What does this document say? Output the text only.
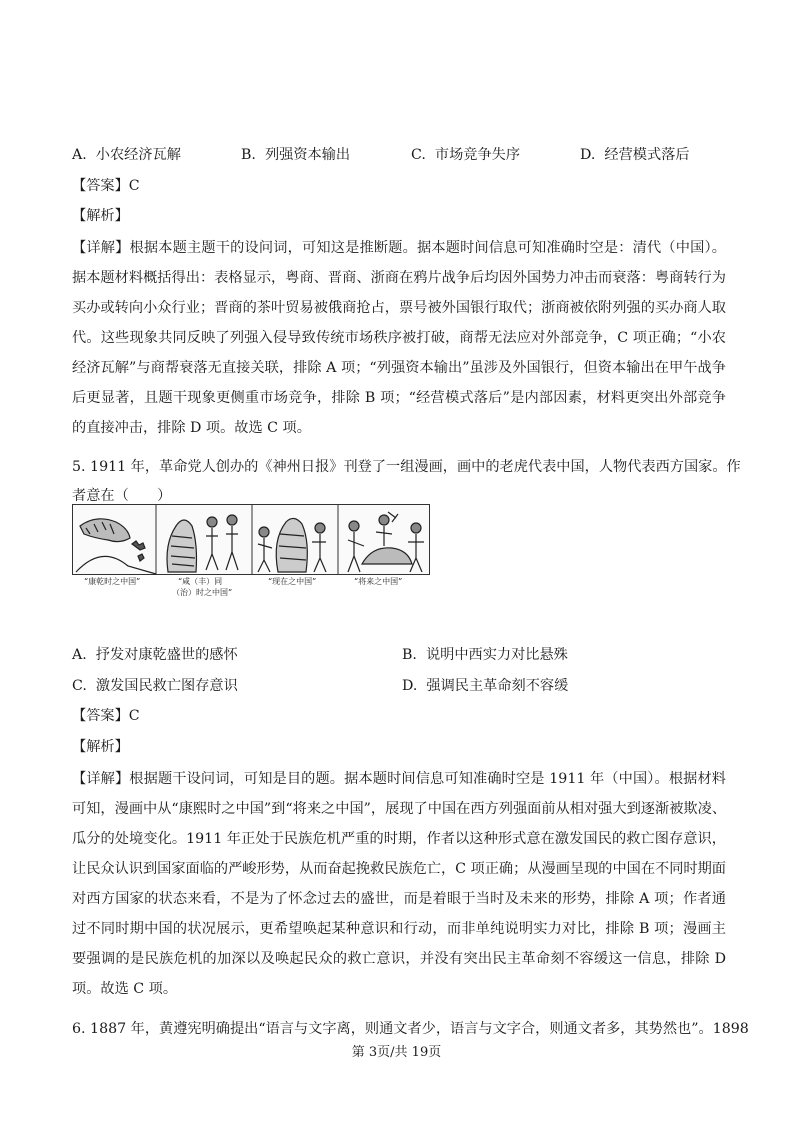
A. 小农经济瓦解	B. 列强资本输出	C. 市场竞争失序	D. 经营模式落后
【答案】C
【解析】
【详解】根据本题主题干的设问词，可知这是推断题。据本题时间信息可知准确时空是：清代（中国）。据本题材料概括得出：表格显示，粤商、晋商、浙商在鸦片战争后均因外国势力冲击而衰落：粤商转行为买办或转向小众行业；晋商的茶叶贸易被俄商抢占，票号被外国银行取代；浙商被依附列强的买办商人取代。这些现象共同反映了列强入侵导致传统市场秩序被打破，商帮无法应对外部竞争，C 项正确；“小农经济瓦解”与商帮衰落无直接关联，排除 A 项；“列强资本输出”虽涉及外国银行，但资本输出在甲午战争后更显著，且题干现象更侧重市场竞争，排除 B 项；“经营模式落后”是内部因素，材料更突出外部竞争的直接冲击，排除 D 项。故选 C 项。
5. 1911 年，革命党人创办的《神州日报》刊登了一组漫画，画中的老虎代表中国，人物代表西方国家。作
者意在（　　）
“康乾时之中国”	“咸（丰）同
（治）时之中国”
“现在之中国”	“将来之中国”
A. 抒发对康乾盛世的感怀	B. 说明中西实力对比悬殊
C. 激发国民救亡图存意识	D. 强调民主革命刻不容缓
【答案】C
【解析】
【详解】根据题干设问词，可知是目的题。据本题时间信息可知准确时空是 1911 年（中国）。根据材料可知，漫画中从“康熙时之中国”到“将来之中国”，展现了中国在西方列强面前从相对强大到逐渐被欺凌、瓜分的处境变化。1911 年正处于民族危机严重的时期，作者以这种形式意在激发国民的救亡图存意识，让民众认识到国家面临的严峻形势，从而奋起挽救民族危亡，C 项正确；从漫画呈现的中国在不同时期面对西方国家的状态来看，不是为了怀念过去的盛世，而是着眼于当时及未来的形势，排除 A 项；作者通过不同时期中国的状况展示，更希望唤起某种意识和行动，而非单纯说明实力对比，排除 B 项；漫画主要强调的是民族危机的加深以及唤起民众的救亡意识，并没有突出民主革命刻不容缓这一信息，排除 D 项。故选 C 项。
6. 1887 年，黄遵宪明确提出“语言与文字离，则通文者少，语言与文字合，则通文者多，其势然也”。1898
第 3页/共 19页
